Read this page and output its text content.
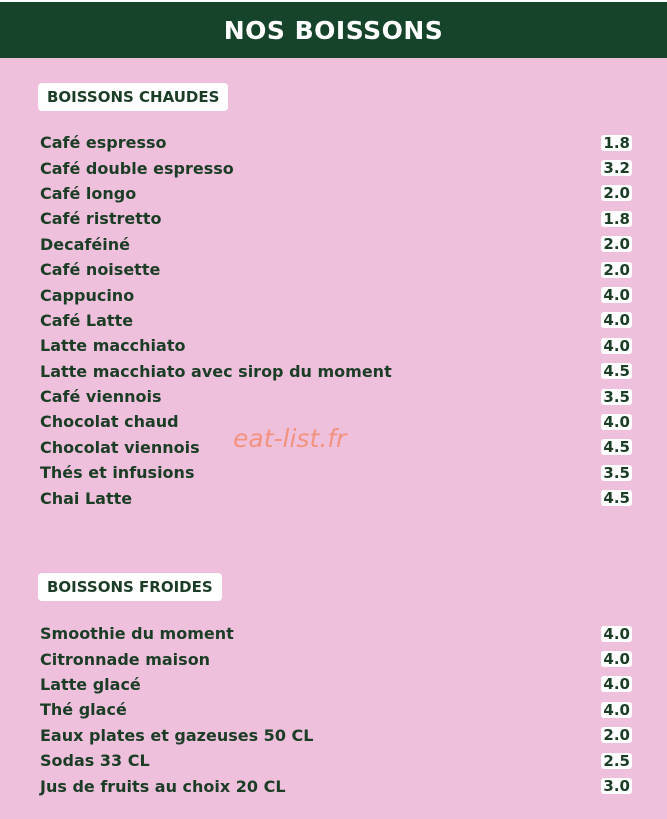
NOS BOISSONS
BOISSONS CHAUDES
Café espresso	1.8
Café double espresso	3.2
Café longo	2.0
Café ristretto	1.8
Decaféiné	2.0
Café noisette	2.0
Cappucino	4.0
Café Latte	4.0
Latte macchiato	4.0
Latte macchiato avec sirop du moment	4.5
Café viennois	3.5
Chocolat chaud	4.0
Chocolat viennois	4.5
Thés et infusions	3.5
Chai Latte	4.5
BOISSONS FROIDES
Smoothie du moment	4.0
Citronnade maison	4.0
Latte glacé	4.0
Thé glacé	4.0
Eaux plates et gazeuses 50 CL	2.0
Sodas 33 CL	2.5
Jus de fruits au choix 20 CL	3.0
eat-list.fr
